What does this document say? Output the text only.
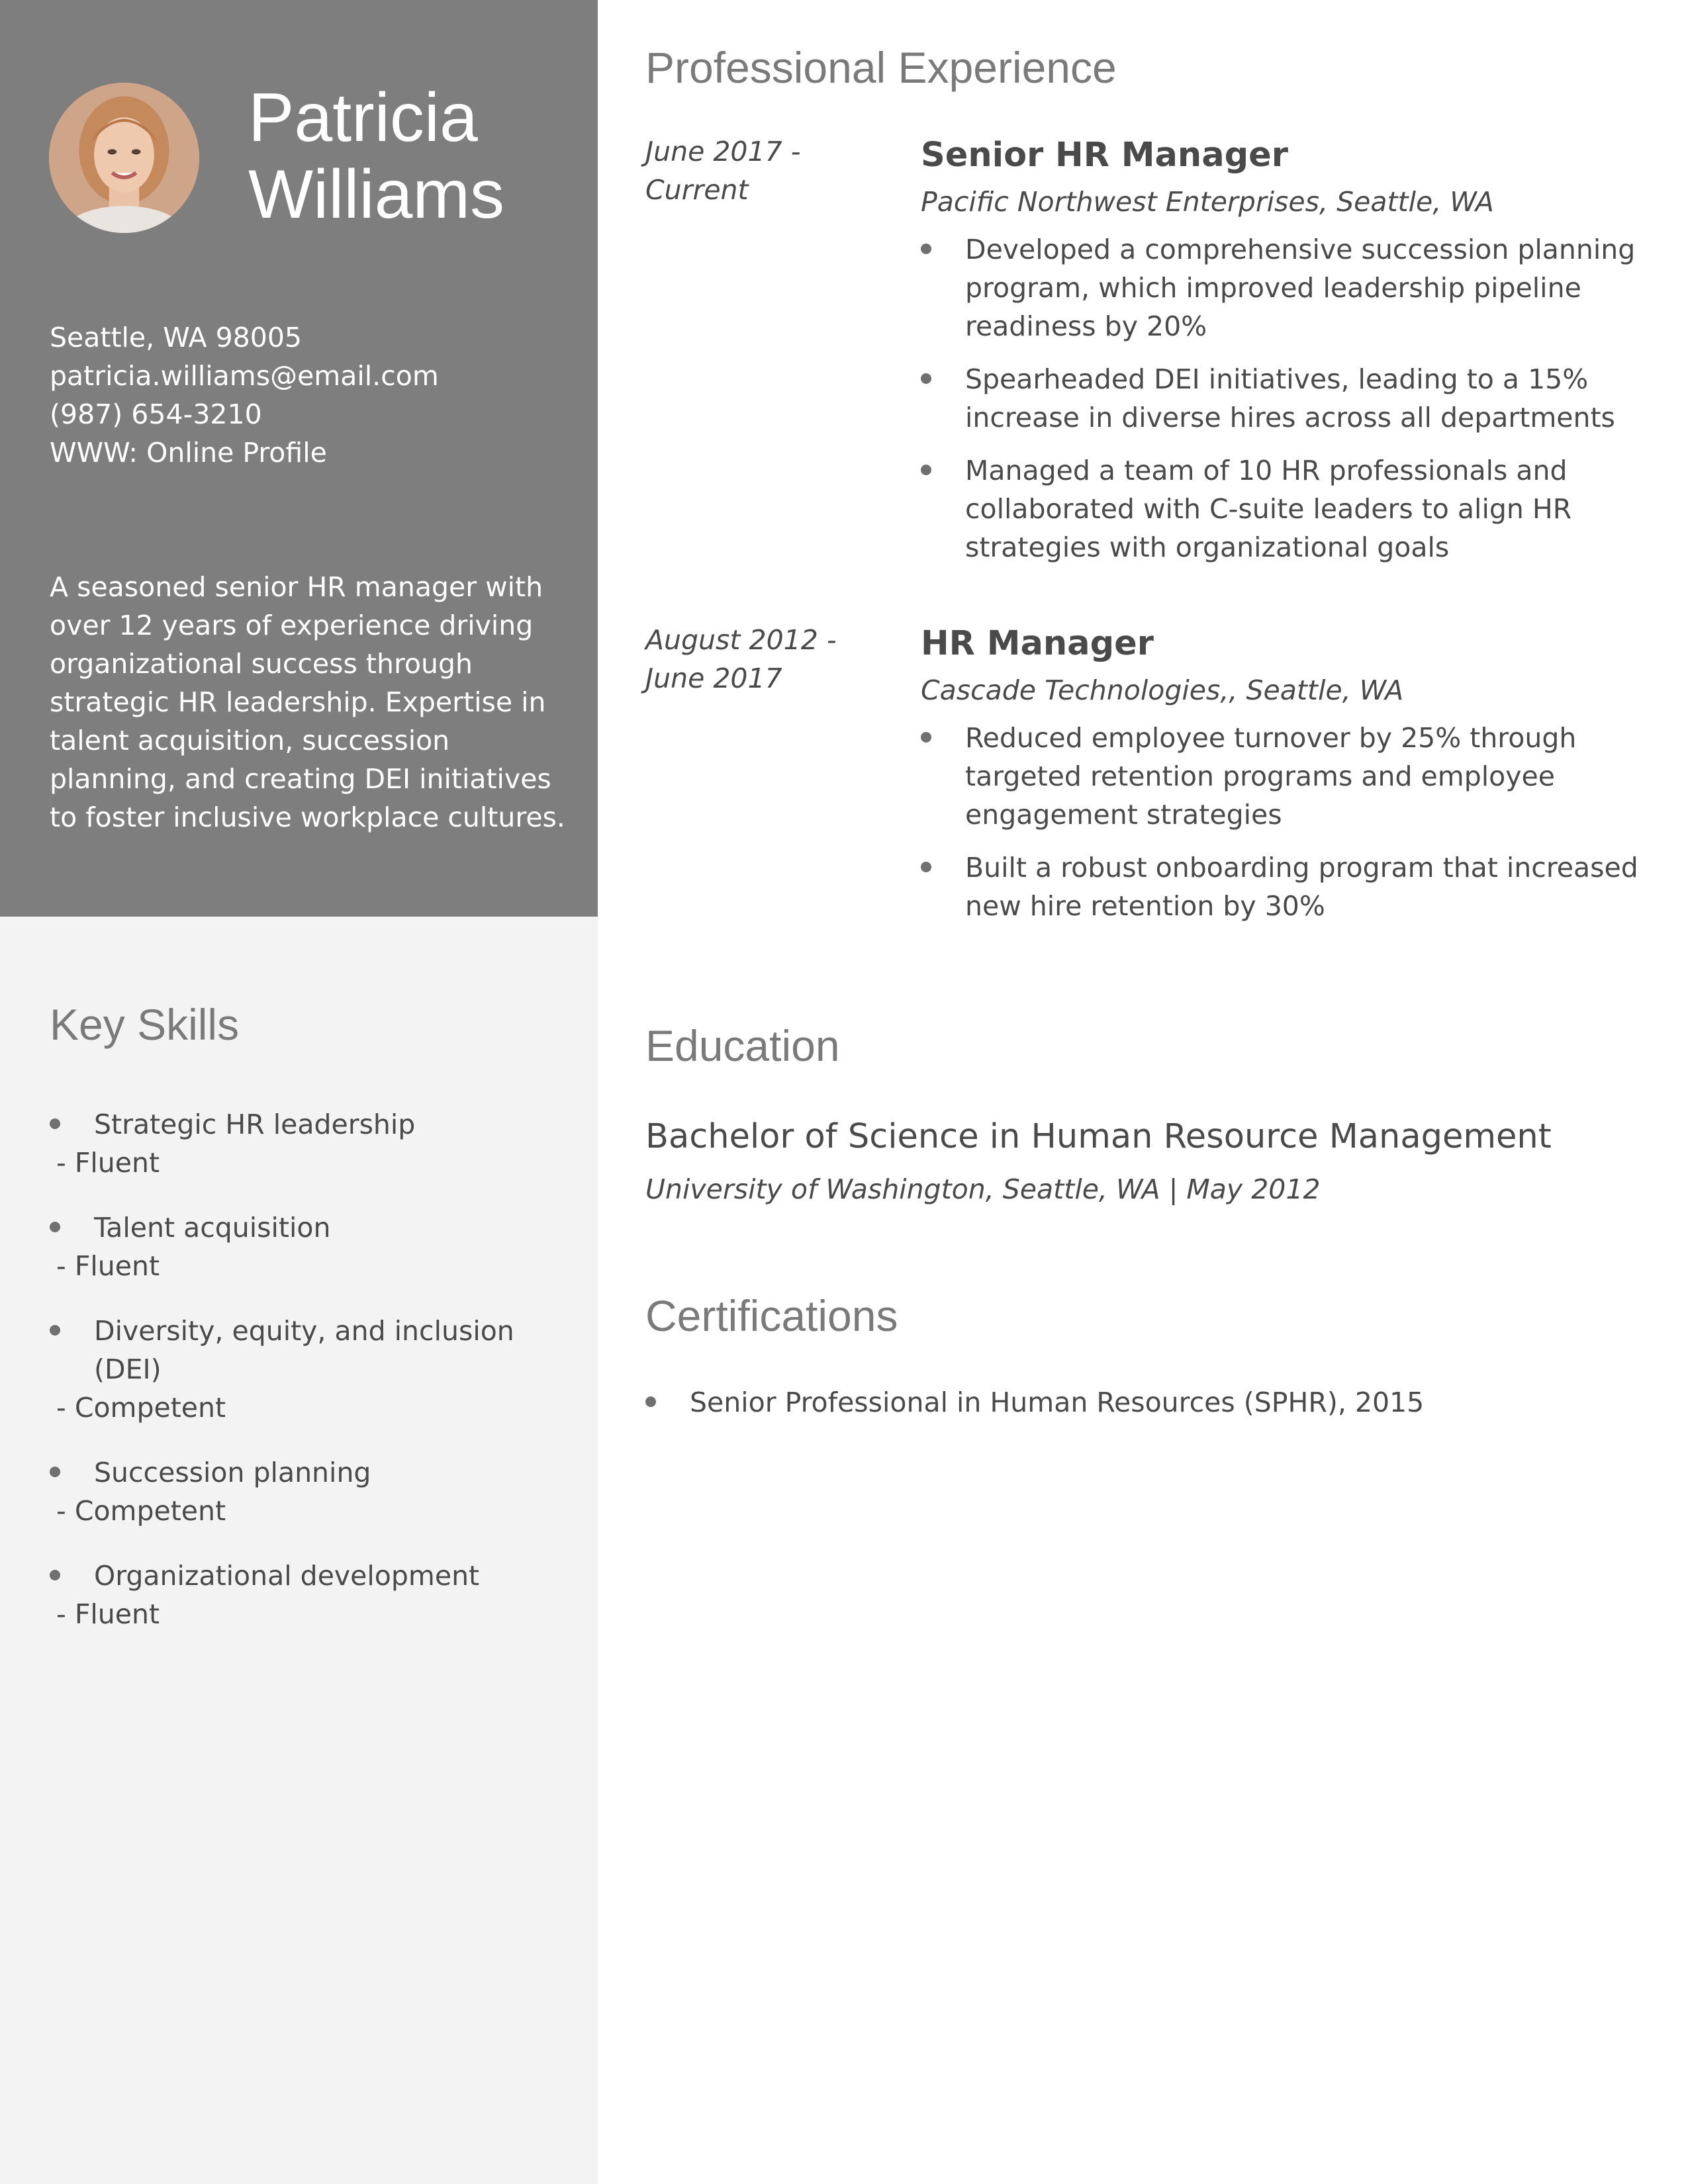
Patricia
Williams
Seattle, WA 98005
patricia.williams@email.com
(987) 654-3210
WWW: Online Profile
A seasoned senior HR manager with over 12 years of experience driving organizational success through strategic HR leadership. Expertise in talent acquisition, succession planning, and creating DEI initiatives to foster inclusive workplace cultures.
Key Skills
Strategic HR leadership
- Fluent
Talent acquisition
- Fluent
Diversity, equity, and inclusion (DEI)
- Competent
Succession planning
- Competent
Organizational development
- Fluent
Professional Experience
June 2017 - Current
Senior HR Manager
Pacific Northwest Enterprises, Seattle, WA
Developed a comprehensive succession planning program, which improved leadership pipeline readiness by 20%
Spearheaded DEI initiatives, leading to a 15% increase in diverse hires across all departments
Managed a team of 10 HR professionals and collaborated with C-suite leaders to align HR strategies with organizational goals
August 2012 - June 2017
HR Manager
Cascade Technologies,, Seattle, WA
Reduced employee turnover by 25% through targeted retention programs and employee engagement strategies
Built a robust onboarding program that increased new hire retention by 30%
Education
Bachelor of Science in Human Resource Management
University of Washington, Seattle, WA | May 2012
Certifications
Senior Professional in Human Resources (SPHR), 2015
